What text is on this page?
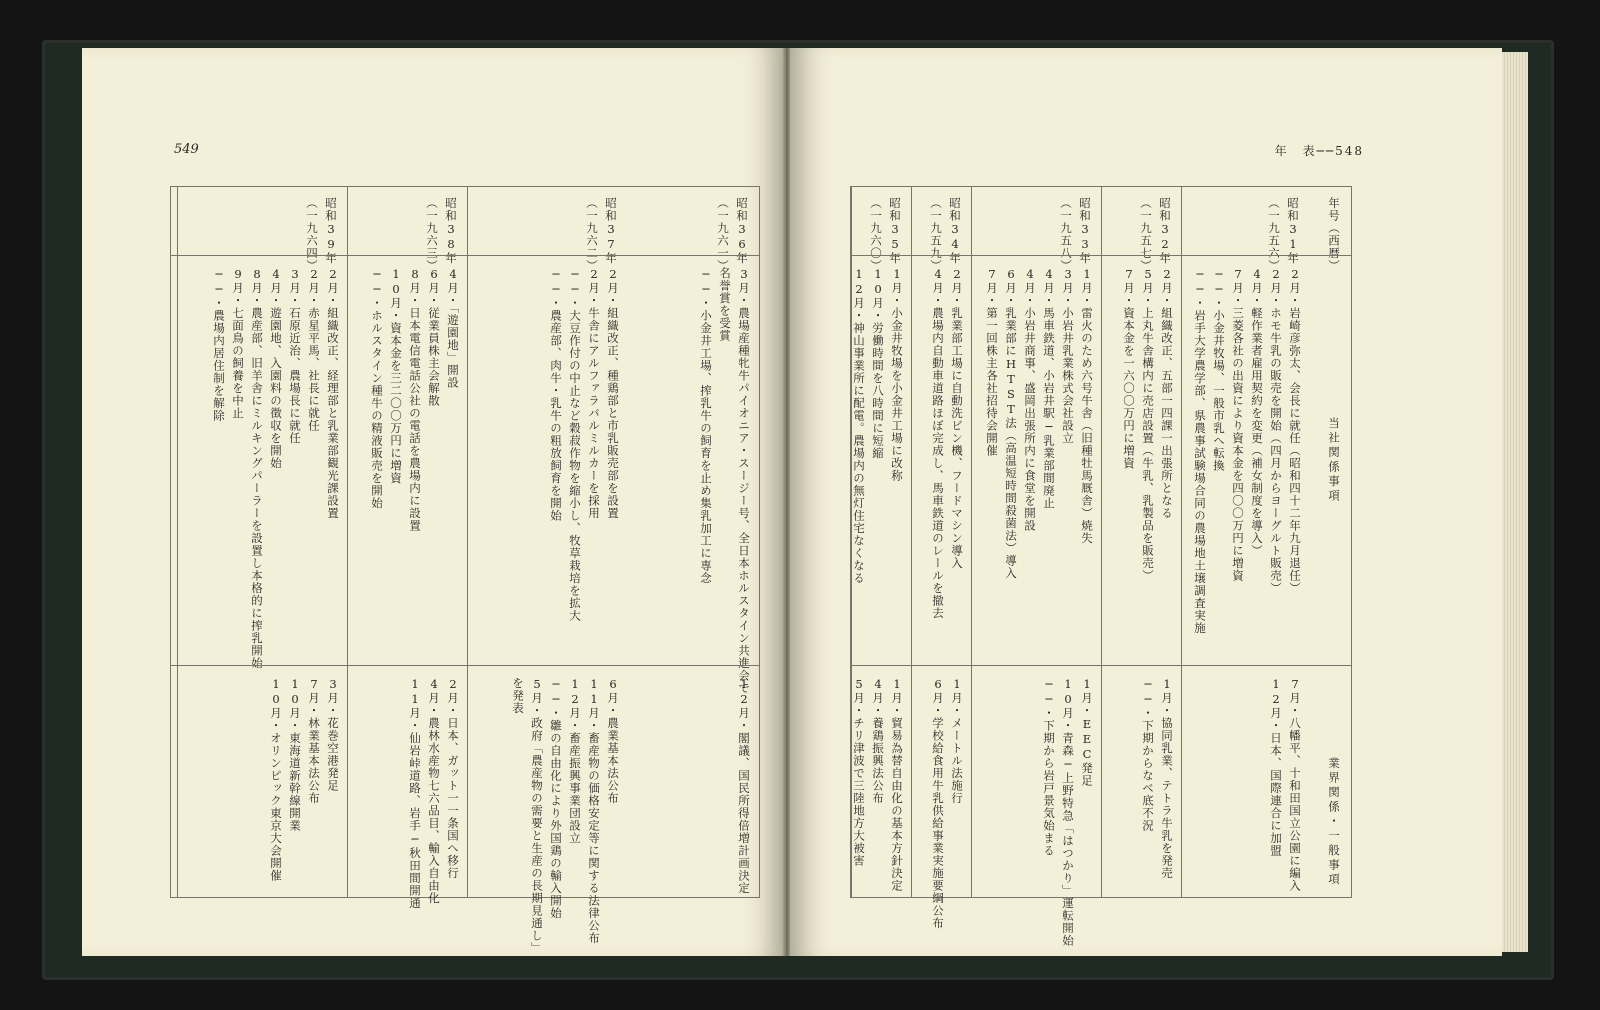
549
昭和36年
（一九六一）
3月・農場産種牝牛パイオニア・スージー号、全日本ホルスタイン共進会で
名誉賞を受賞
──・小金井工場、搾乳牛の飼育を止め集乳加工に専念
12月・閣議、国民所得倍増計画決定
昭和37年
（一九六二）
2月・組織改正、種鶏部と市乳販売部を設置
2月・牛舎にアルファラバルミルカーを採用
──・大豆作付の中止など穀菽作物を縮小し、牧草栽培を拡大
──・農産部、肉牛・乳牛の粗放飼育を開始
6月・農業基本法公布
11月・畜産物の価格安定等に関する法律公布
12月・畜産振興事業団設立
──・雛の自由化により外国鶏の輸入開始
5月・政府「農産物の需要と生産の長期見通し」
を発表
昭和38年
（一九六三）
4月・「遊園地」開設
6月・従業員株主会解散
8月・日本電信電話公社の電話を農場内に設置
10月・資本金を三二〇〇万円に増資
──・ホルスタイン種牛の精液販売を開始
2月・日本、ガット一一条国へ移行
4月・農林水産物七六品目、輸入自由化
11月・仙岩峠道路、岩手─秋田間開通
昭和39年
（一九六四）
2月・組織改正、経理部と乳業部観光課設置
2月・赤星平馬、社長に就任
3月・石原近治、農場長に就任
4月・遊園地、入園料の徴収を開始
8月・農産部、旧羊舎にミルキングパーラーを設置し本格的に搾乳開始
9月・七面鳥の飼養を中止
──・農場内居住制を解除
3月・花巻空港発足
7月・林業基本法公布
10月・東海道新幹線開業
10月・オリンピック東京大会開催
年　表──548
年号（西暦）
当社関係事項
業界関係・一般事項
昭和31年
（一九五六）
2月・岩崎彦弥太、会長に就任（昭和四十二年九月退任）
2月・ホモ牛乳の販売を開始（四月からヨーグルト販売）
4月・軽作業者雇用契約を変更（補女制度を導入）
7月・三菱各社の出資により資本金を四〇〇万円に増資
──・小金井牧場、一般市乳へ転換
──・岩手大学農学部、県農事試験場合同の農場地土壌調査実施
7月・八幡平、十和田国立公園に編入
12月・日本、国際連合に加盟
昭和32年
（一九五七）
2月・組織改正、五部一四課一出張所となる
5月・上丸牛舎構内に売店設置（牛乳、乳製品を販売）
7月・資本金を一六〇〇万円に増資
1月・協同乳業、テトラ牛乳を発売
──・下期からなべ底不況
昭和33年
（一九五八）
1月・雷火のため六号牛舎（旧種牡馬厩舎）焼失
3月・小岩井乳業株式会社設立
4月・馬車鉄道、小岩井駅─乳業部間廃止
4月・小岩井商事、盛岡出張所内に食堂を開設
6月・乳業部にHTST法（高温短時間殺菌法）導入
7月・第一回株主各社招待会開催
1月・EEC発足
10月・青森─上野特急「はつかり」運転開始
──・下期から岩戸景気始まる
昭和34年
（一九五九）
2月・乳業部工場に自動洗ビン機、フードマシン導入
4月・農場内自動車道路ほぼ完成し、馬車鉄道のレールを撤去
1月・メートル法施行
6月・学校給食用牛乳供給事業実施要綱公布
昭和35年
（一九六〇）
1月・小金井牧場を小金井工場に改称
10月・労働時間を八時間に短縮
12月・神山事業所に配電。農場内の無灯住宅なくなる
1月・貿易為替自由化の基本方針決定
4月・養鶏振興法公布
5月・チリ津波で三陸地方大被害
